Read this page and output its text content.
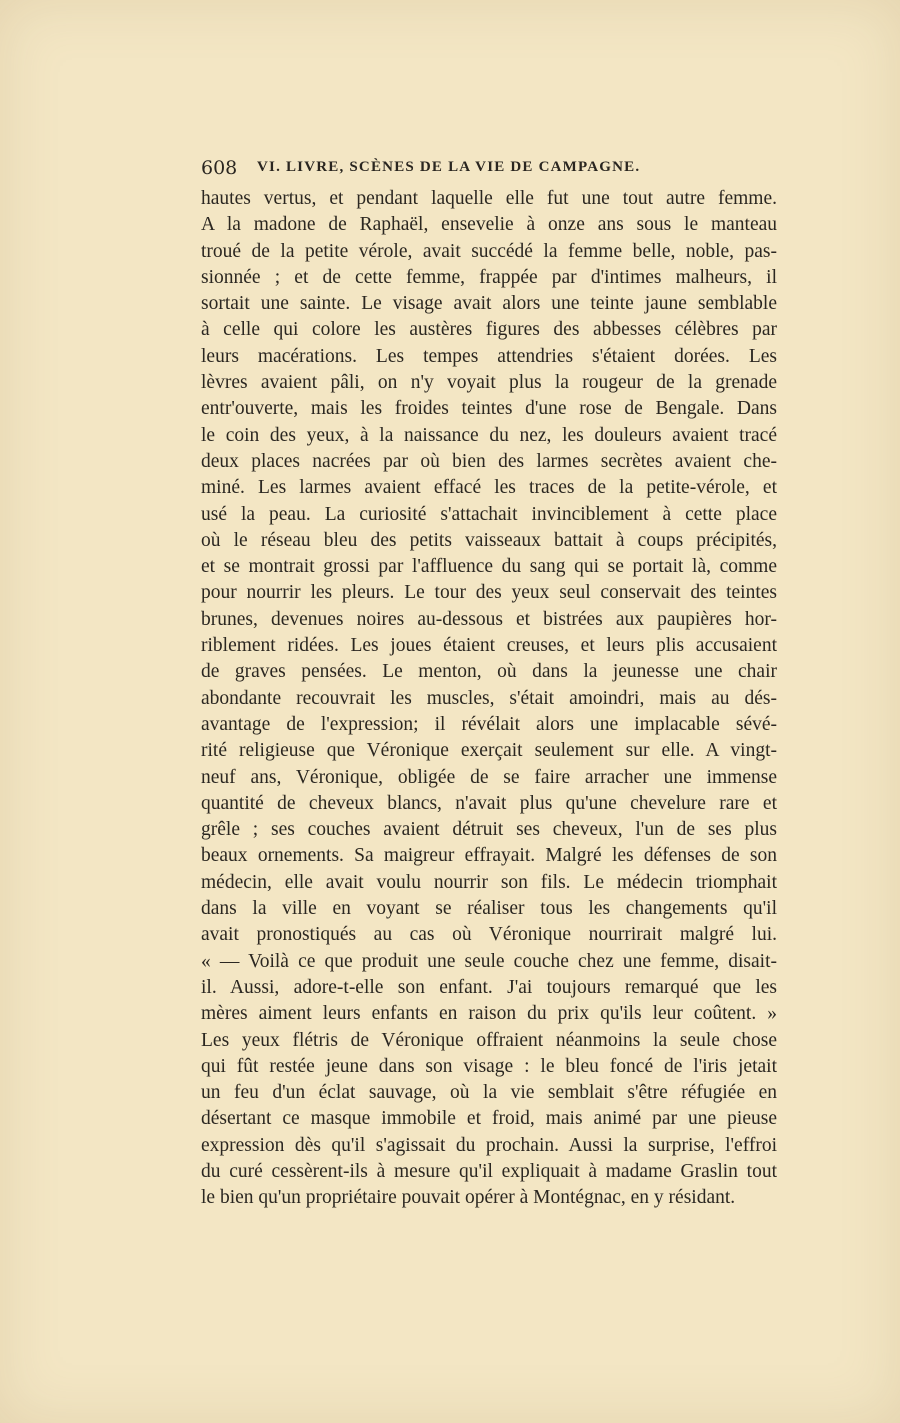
608 VI. LIVRE, SCÈNES DE LA VIE DE CAMPAGNE.
hautes vertus, et pendant laquelle elle fut une tout autre femme.
A la madone de Raphaël, ensevelie à onze ans sous le manteau
troué de la petite vérole, avait succédé la femme belle, noble, pas-
sionnée ; et de cette femme, frappée par d'intimes malheurs, il
sortait une sainte. Le visage avait alors une teinte jaune semblable
à celle qui colore les austères figures des abbesses célèbres par
leurs macérations. Les tempes attendries s'étaient dorées. Les
lèvres avaient pâli, on n'y voyait plus la rougeur de la grenade
entr'ouverte, mais les froides teintes d'une rose de Bengale. Dans
le coin des yeux, à la naissance du nez, les douleurs avaient tracé
deux places nacrées par où bien des larmes secrètes avaient che-
miné. Les larmes avaient effacé les traces de la petite-vérole, et
usé la peau. La curiosité s'attachait invinciblement à cette place
où le réseau bleu des petits vaisseaux battait à coups précipités,
et se montrait grossi par l'affluence du sang qui se portait là, comme
pour nourrir les pleurs. Le tour des yeux seul conservait des teintes
brunes, devenues noires au-dessous et bistrées aux paupières hor-
riblement ridées. Les joues étaient creuses, et leurs plis accusaient
de graves pensées. Le menton, où dans la jeunesse une chair
abondante recouvrait les muscles, s'était amoindri, mais au dés-
avantage de l'expression; il révélait alors une implacable sévé-
rité religieuse que Véronique exerçait seulement sur elle. A vingt-
neuf ans, Véronique, obligée de se faire arracher une immense
quantité de cheveux blancs, n'avait plus qu'une chevelure rare et
grêle ; ses couches avaient détruit ses cheveux, l'un de ses plus
beaux ornements. Sa maigreur effrayait. Malgré les défenses de son
médecin, elle avait voulu nourrir son fils. Le médecin triomphait
dans la ville en voyant se réaliser tous les changements qu'il
avait pronostiqués au cas où Véronique nourrirait malgré lui.
« — Voilà ce que produit une seule couche chez une femme, disait-
il. Aussi, adore-t-elle son enfant. J'ai toujours remarqué que les
mères aiment leurs enfants en raison du prix qu'ils leur coûtent. »
Les yeux flétris de Véronique offraient néanmoins la seule chose
qui fût restée jeune dans son visage : le bleu foncé de l'iris jetait
un feu d'un éclat sauvage, où la vie semblait s'être réfugiée en
désertant ce masque immobile et froid, mais animé par une pieuse
expression dès qu'il s'agissait du prochain. Aussi la surprise, l'effroi
du curé cessèrent-ils à mesure qu'il expliquait à madame Graslin tout
le bien qu'un propriétaire pouvait opérer à Montégnac, en y résidant.
